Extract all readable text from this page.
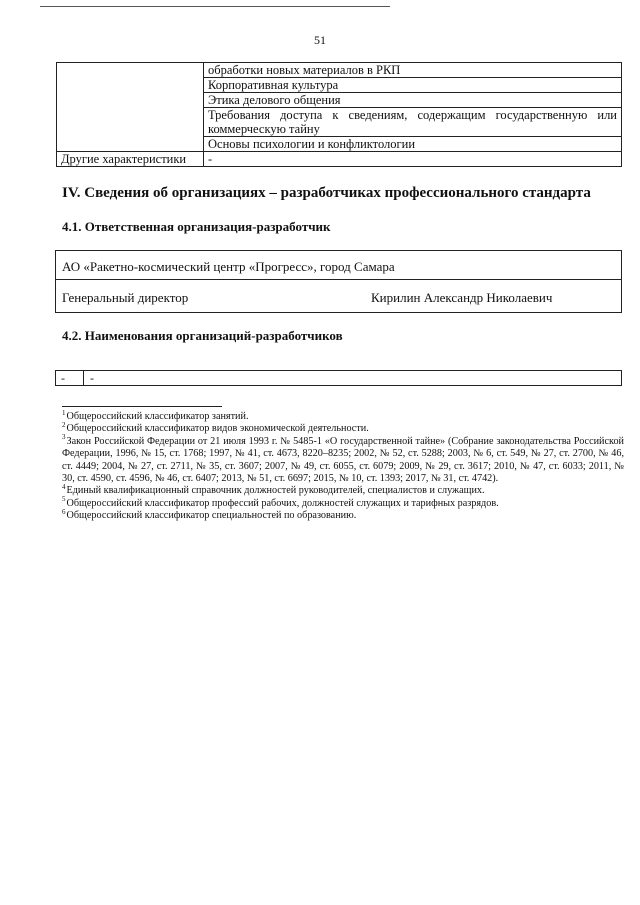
51
	обработки новых материалов в РКП
	Корпоративная культура
	Этика делового общения
	Требования доступа к сведениям, содержащим государственную или коммерческую тайну
	Основы психологии и конфликтологии
Другие характеристики	-
IV. Сведения об организациях – разработчиках профессионального стандарта
4.1. Ответственная организация-разработчик
АО «Ракетно-космический центр «Прогресс», город Самара
Генеральный директор	Кирилин Александр Николаевич
4.2. Наименования организаций-разработчиков
- -

$^1$Общероссийский классификатор занятий.

$^2$Общероссийский классификатор видов экономической деятельности.

$^3$Закон Российской Федерации от 21 июля 1993 г. № 5485-1 «О государственной тайне» (Собрание законодательства Российской Федерации, 1996, № 15, ст. 1768; 1997, № 41, ст. 4673, 8220–8235; 2002, № 52, ст. 5288; 2003, № 6, ст. 549, № 27, ст. 2700, № 46, ст. 4449; 2004, № 27, ст. 2711, № 35, ст. 3607; 2007, № 49, ст. 6055, ст. 6079; 2009, № 29, ст. 3617; 2010, № 47, ст. 6033; 2011, № 30, ст. 4590, ст. 4596, № 46, ст. 6407; 2013, № 51, ст. 6697; 2015, № 10, ст. 1393; 2017, № 31, ст. 4742).

$^4$Единый квалификационный справочник должностей руководителей, специалистов и служащих.

$^5$Общероссийский классификатор профессий рабочих, должностей служащих и тарифных разрядов.

$^6$Общероссийский классификатор специальностей по образованию.
